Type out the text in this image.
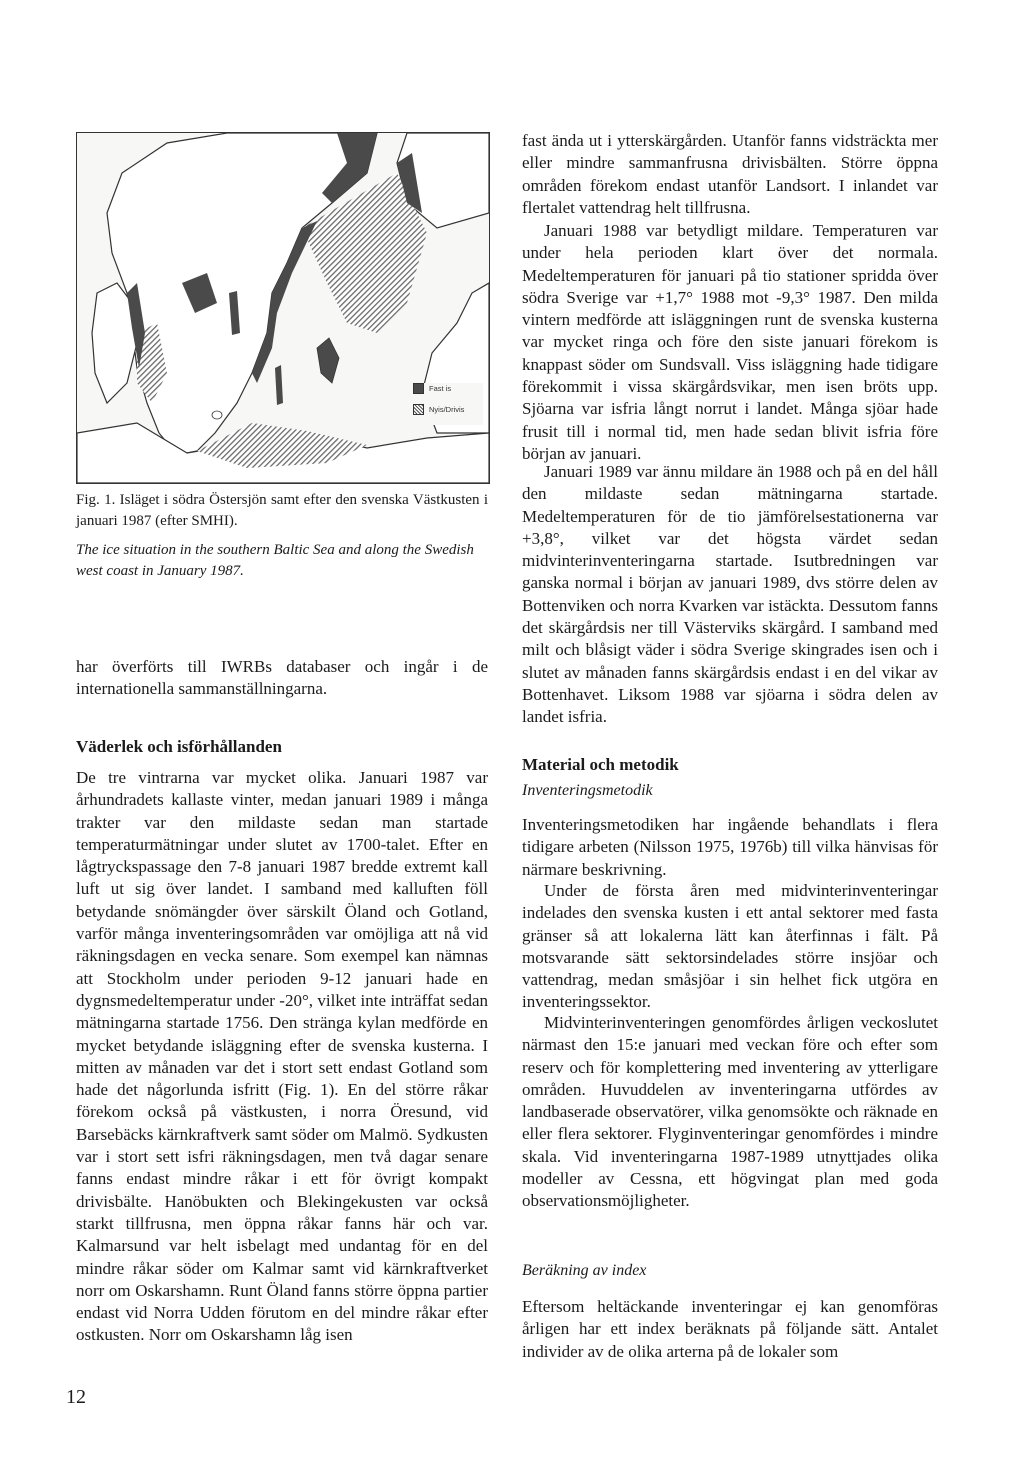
Fast is
Nyis/Drivis
Fig. 1. Isläget i södra Östersjön samt efter den svenska Västkusten i januari 1987 (efter SMHI).
The ice situation in the southern Baltic Sea and along the Swedish west coast in January 1987.

har överförts till IWRBs databaser och ingår i de internationella sammanställningarna.

Väderlek och isförhållanden

De tre vintrarna var mycket olika. Januari 1987 var århundradets kallaste vinter, medan januari 1989 i många trakter var den mildaste sedan man startade temperaturmätningar under slutet av 1700-talet. Efter en lågtryckspassage den 7-8 januari 1987 bredde extremt kall luft ut sig över landet. I samband med kalluften föll betydande snömängder över särskilt Öland och Gotland, varför många inventeringsområden var omöjliga att nå vid räkningsdagen en vecka senare. Som exempel kan nämnas att Stockholm under perioden 9-12 januari hade en dygnsmedeltemperatur under -20°, vilket inte inträffat sedan mätningarna startade 1756. Den stränga kylan medförde en mycket betydande isläggning efter de svenska kusterna. I mitten av månaden var det i stort sett endast Gotland som hade det någorlunda isfritt (Fig. 1). En del större råkar förekom också på västkusten, i norra Öresund, vid Barsebäcks kärnkraftverk samt söder om Malmö. Sydkusten var i stort sett isfri räkningsdagen, men två dagar senare fanns endast mindre råkar i ett för övrigt kompakt drivisbälte. Hanöbukten och Blekingekusten var också starkt tillfrusna, men öppna råkar fanns här och var. Kalmarsund var helt isbelagt med undantag för en del mindre råkar söder om Kalmar samt vid kärnkraftverket norr om Oskarshamn. Runt Öland fanns större öppna partier endast vid Norra Udden förutom en del mindre råkar efter ostkusten. Norr om Oskarshamn låg isen

fast ända ut i ytterskärgården. Utanför fanns vidsträckta mer eller mindre sammanfrusna drivisbälten. Större öppna områden förekom endast utanför Landsort. I inlandet var flertalet vattendrag helt tillfrusna.

Januari 1988 var betydligt mildare. Temperaturen var under hela perioden klart över det normala. Medeltemperaturen för januari på tio stationer spridda över södra Sverige var +1,7° 1988 mot -9,3° 1987. Den milda vintern medförde att isläggningen runt de svenska kusterna var mycket ringa och före den siste januari förekom is knappast söder om Sundsvall. Viss isläggning hade tidigare förekommit i vissa skärgårdsvikar, men isen bröts upp. Sjöarna var isfria långt norrut i landet. Många sjöar hade frusit till i normal tid, men hade sedan blivit isfria före början av januari.

Januari 1989 var ännu mildare än 1988 och på en del håll den mildaste sedan mätningarna startade. Medeltemperaturen för de tio jämförelsestationerna var +3,8°, vilket var det högsta värdet sedan midvinterinventeringarna startade. Isutbredningen var ganska normal i början av januari 1989, dvs större delen av Bottenviken och norra Kvarken var istäckta. Dessutom fanns det skärgårdsis ner till Västerviks skärgård. I samband med milt och blåsigt väder i södra Sverige skingrades isen och i slutet av månaden fanns skärgårdsis endast i en del vikar av Bottenhavet. Liksom 1988 var sjöarna i södra delen av landet isfria.

Material och metodik
Inventeringsmetodik

Inventeringsmetodiken har ingående behandlats i flera tidigare arbeten (Nilsson 1975, 1976b) till vilka hänvisas för närmare beskrivning.

Under de första åren med midvinterinventeringar indelades den svenska kusten i ett antal sektorer med fasta gränser så att lokalerna lätt kan återfinnas i fält. På motsvarande sätt sektorsindelades större insjöar och vattendrag, medan småsjöar i sin helhet fick utgöra en inventeringssektor.

Midvinterinventeringen genomfördes årligen veckoslutet närmast den 15:e januari med veckan före och efter som reserv och för komplettering med inventering av ytterligare områden. Huvuddelen av inventeringarna utfördes av landbaserade observatörer, vilka genomsökte och räknade en eller flera sektorer. Flyginventeringar genomfördes i mindre skala. Vid inventeringarna 1987-1989 utnyttjades olika modeller av Cessna, ett högvingat plan med goda observationsmöjligheter.

Beräkning av index

Eftersom heltäckande inventeringar ej kan genomföras årligen har ett index beräknats på följande sätt. Antalet individer av de olika arterna på de lokaler som

12
